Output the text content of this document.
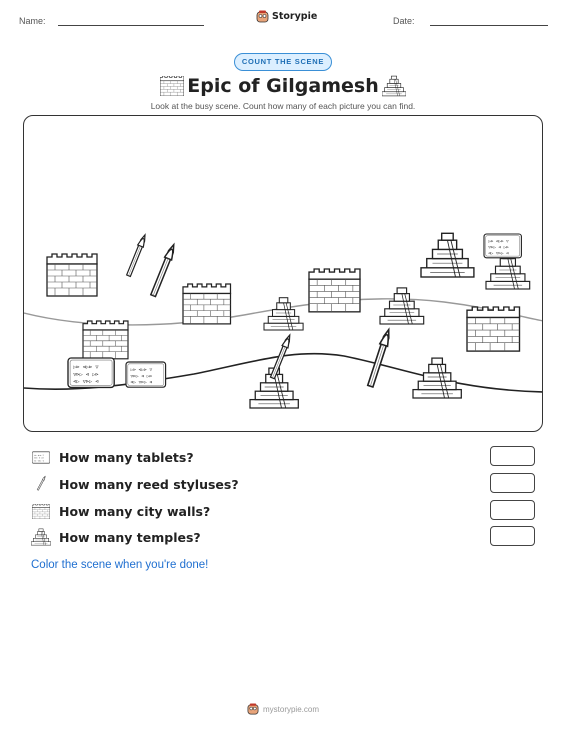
Name:	Storypie	Date:
COUNT THE SCENE
Epic of Gilgamesh
Look at the busy scene. Count how many of each picture you can find.
How many tablets?
How many reed styluses?
How many city walls?
How many temples?
Color the scene when you're done!
mystorypie.com
